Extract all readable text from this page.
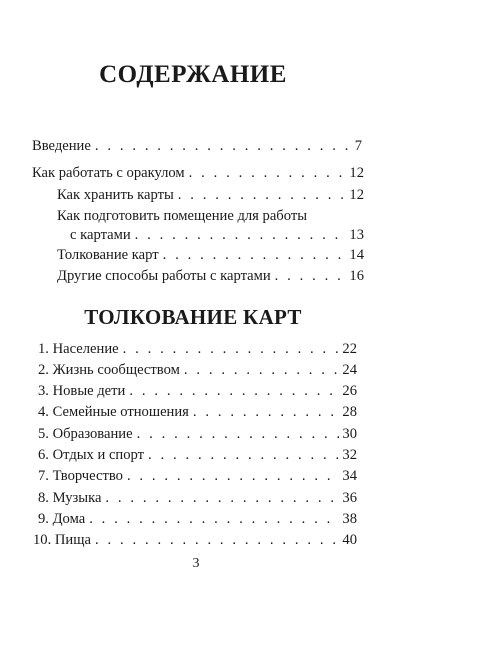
СОДЕРЖАНИЕ
Введение . . .	7
Как работать с оракулом . . .	12
Как хранить карты . . .	12
Как подготовить помещение для работы
с картами . . .	13
Толкование карт . . .	14
Другие способы работы с картами . . .	16
ТОЛКОВАНИЕ КАРТ
1. Население . . .	22
2. Жизнь сообществом . . .	24
3. Новые дети . . .	26
4. Семейные отношения . . .	28
5. Образование . . .	30
6. Отдых и спорт . . .	32
7. Творчество . . .	34
8. Музыка . . .	36
9. Дома . . .	38
10. Пища . . .	40

3
